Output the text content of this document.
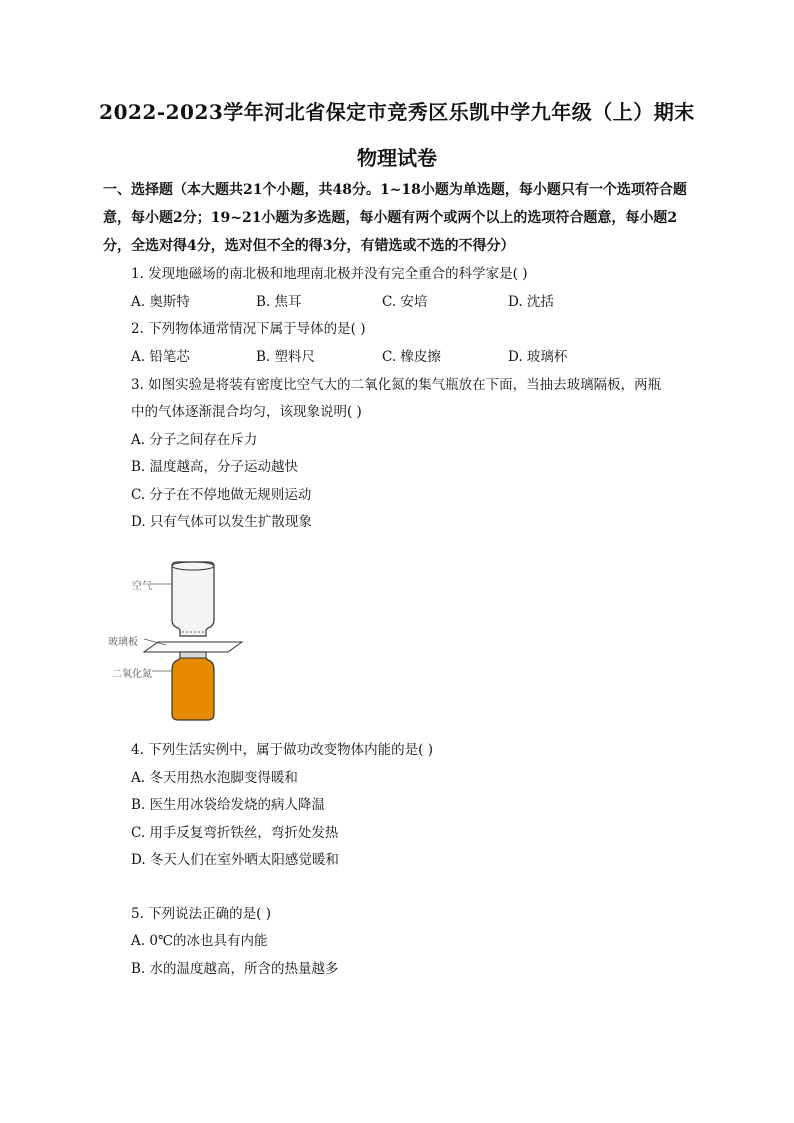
2022-2023学年河北省保定市竞秀区乐凯中学九年级（上）期末
物理试卷
一、选择题（本大题共21个小题，共48分。1~18小题为单选题，每小题只有一个选项符合题意，每小题2分；19~21小题为多选题，每小题有两个或两个以上的选项符合题意，每小题2分，全选对得4分，选对但不全的得3分，有错选或不选的不得分）
1. 发现地磁场的南北极和地理南北极并没有完全重合的科学家是( )
A. 奥斯特	B. 焦耳	C. 安培	D. 沈括
2. 下列物体通常情况下属于导体的是( )
A. 铅笔芯	B. 塑料尺	C. 橡皮擦	D. 玻璃杯
3. 如图实验是将装有密度比空气大的二氧化氮的集气瓶放在下面，当抽去玻璃隔板，两瓶
中的气体逐渐混合均匀，该现象说明( )
A. 分子之间存在斥力
B. 温度越高，分子运动越快
C. 分子在不停地做无规则运动
D. 只有气体可以发生扩散现象
空气
玻璃板
二氧化氮
4. 下列生活实例中，属于做功改变物体内能的是( )
A. 冬天用热水泡脚变得暖和
B. 医生用冰袋给发烧的病人降温
C. 用手反复弯折铁丝，弯折处发热
D. 冬天人们在室外晒太阳感觉暖和
5. 下列说法正确的是( )
A. 0℃的冰也具有内能
B. 水的温度越高，所含的热量越多
